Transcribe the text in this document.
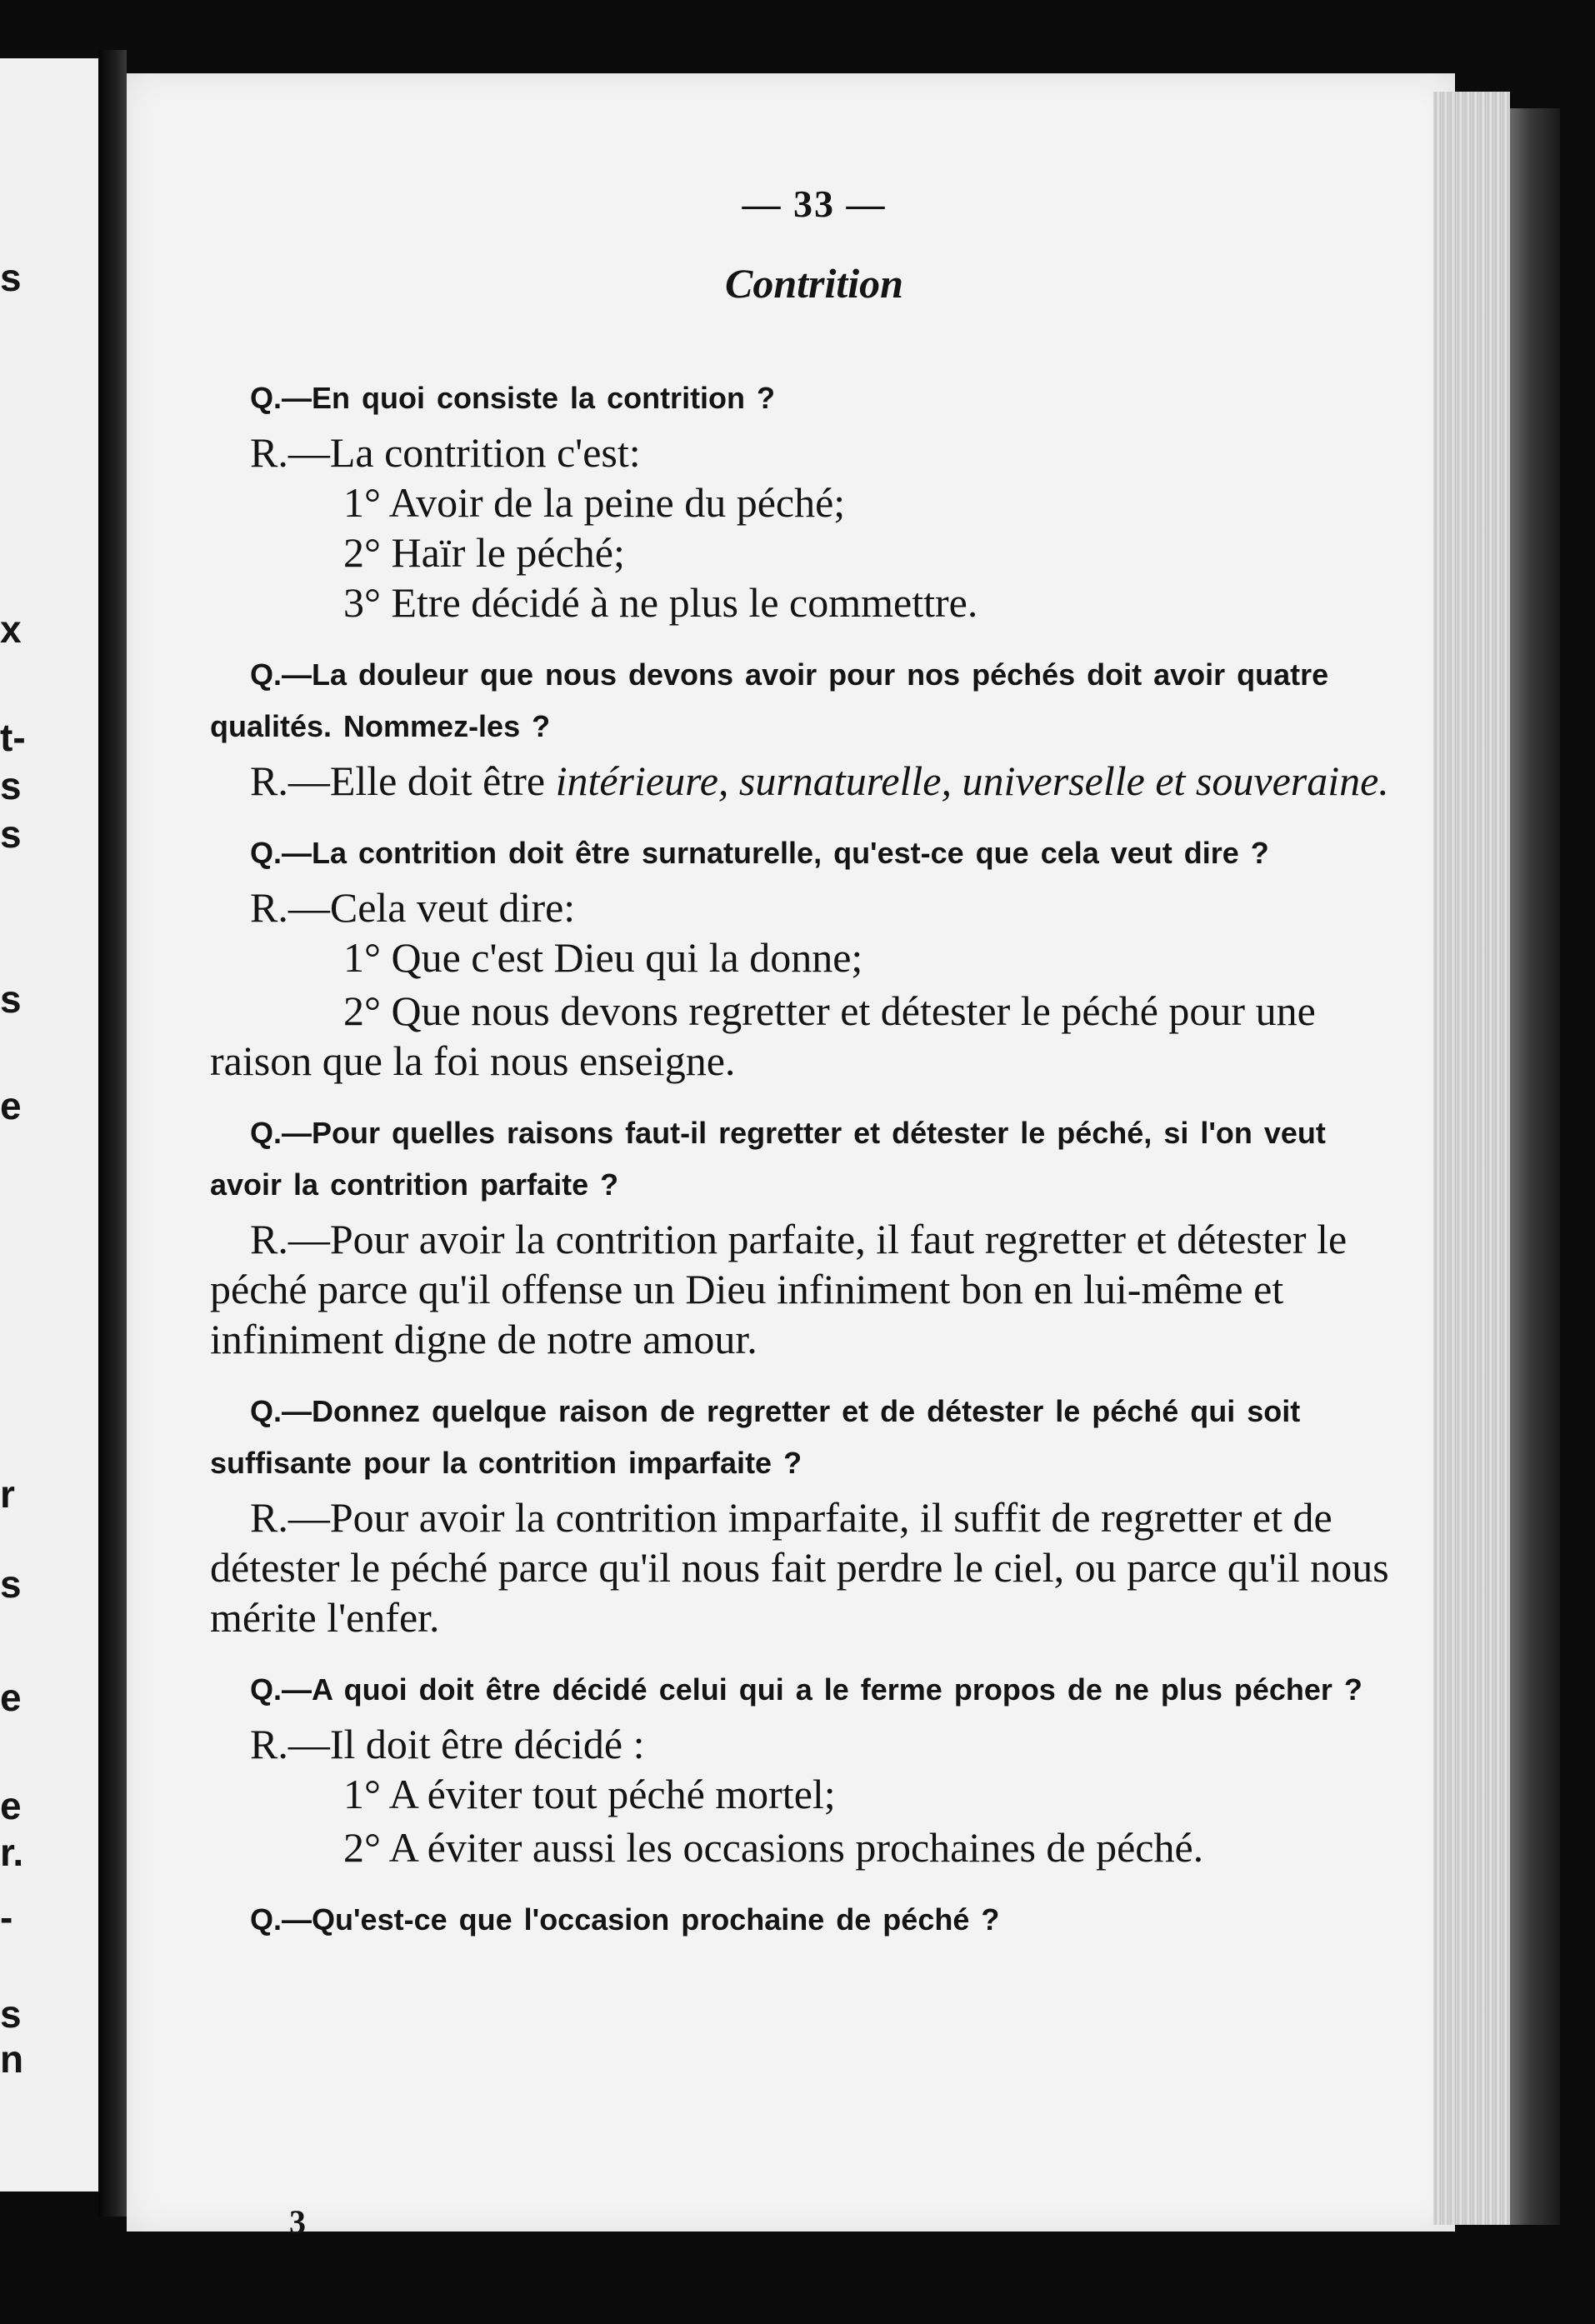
s
x
t-
s
s
s
e
r
s
e
e
r.
-
s
n
— 33 —
Contrition
Q.—En quoi consiste la contrition ?
R.—La contrition c'est:
1° Avoir de la peine du péché;
2° Haïr le péché;
3° Etre décidé à ne plus le commettre.
Q.—La douleur que nous devons avoir pour nos péchés doit avoir quatre qualités. Nommez-les ?
R.—Elle doit être intérieure, surnaturelle, universelle et souveraine.
Q.—La contrition doit être surnaturelle, qu'est-ce que cela veut dire ?
R.—Cela veut dire:
1° Que c'est Dieu qui la donne;
2° Que nous devons regretter et détester le péché pour une raison que la foi nous enseigne.
Q.—Pour quelles raisons faut-il regretter et détester le péché, si l'on veut avoir la contrition parfaite ?
R.—Pour avoir la contrition parfaite, il faut regretter et détester le péché parce qu'il offense un Dieu infiniment bon en lui-même et infiniment digne de notre amour.
Q.—Donnez quelque raison de regretter et de détester le péché qui soit suffisante pour la contrition imparfaite ?
R.—Pour avoir la contrition imparfaite, il suffit de regretter et de détester le péché parce qu'il nous fait perdre le ciel, ou parce qu'il nous mérite l'enfer.
Q.—A quoi doit être décidé celui qui a le ferme propos de ne plus pécher ?
R.—Il doit être décidé :
1° A éviter tout péché mortel;
2° A éviter aussi les occasions prochaines de péché.
Q.—Qu'est-ce que l'occasion prochaine de péché ?
3
